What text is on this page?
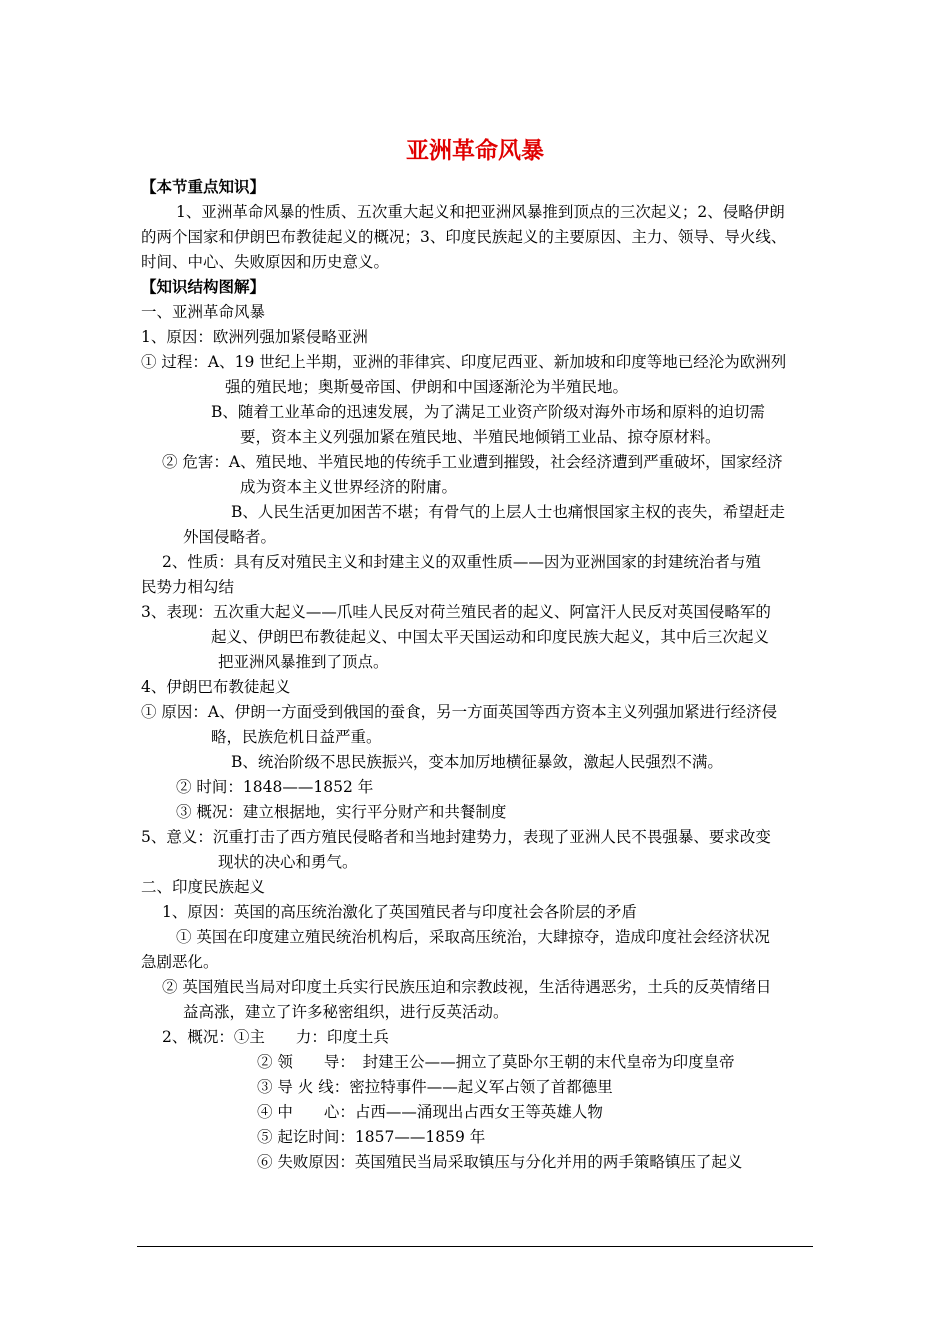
亚洲革命风暴
【本节重点知识】
1、亚洲革命风暴的性质、五次重大起义和把亚洲风暴推到顶点的三次起义；2、侵略伊朗
的两个国家和伊朗巴布教徒起义的概况；3、印度民族起义的主要原因、主力、领导、导火线、
时间、中心、失败原因和历史意义。
【知识结构图解】
一、亚洲革命风暴
1、原因：欧洲列强加紧侵略亚洲
① 过程：A、19 世纪上半期，亚洲的菲律宾、印度尼西亚、新加坡和印度等地已经沦为欧洲列
强的殖民地；奥斯曼帝国、伊朗和中国逐渐沦为半殖民地。
B、随着工业革命的迅速发展，为了满足工业资产阶级对海外市场和原料的迫切需
要，资本主义列强加紧在殖民地、半殖民地倾销工业品、掠夺原材料。
② 危害：A、殖民地、半殖民地的传统手工业遭到摧毁，社会经济遭到严重破坏，国家经济
成为资本主义世界经济的附庸。
B、人民生活更加困苦不堪；有骨气的上层人士也痛恨国家主权的丧失，希望赶走
外国侵略者。
2、性质：具有反对殖民主义和封建主义的双重性质——因为亚洲国家的封建统治者与殖
民势力相勾结
3、表现：五次重大起义——爪哇人民反对荷兰殖民者的起义、阿富汗人民反对英国侵略军的
起义、伊朗巴布教徒起义、中国太平天国运动和印度民族大起义，其中后三次起义
把亚洲风暴推到了顶点。
4、伊朗巴布教徒起义
① 原因：A、伊朗一方面受到俄国的蚕食，另一方面英国等西方资本主义列强加紧进行经济侵
略，民族危机日益严重。
B、统治阶级不思民族振兴，变本加厉地横征暴敛，激起人民强烈不满。
② 时间：1848——1852 年
③ 概况：建立根据地，实行平分财产和共餐制度
5、意义：沉重打击了西方殖民侵略者和当地封建势力，表现了亚洲人民不畏强暴、要求改变
现状的决心和勇气。
二、印度民族起义
1、原因：英国的高压统治激化了英国殖民者与印度社会各阶层的矛盾
① 英国在印度建立殖民统治机构后，采取高压统治，大肆掠夺，造成印度社会经济状况
急剧恶化。
② 英国殖民当局对印度土兵实行民族压迫和宗教歧视，生活待遇恶劣，土兵的反英情绪日
益高涨，建立了许多秘密组织，进行反英活动。
2、概况：①主　　力：印度土兵
② 领　　导：　封建王公——拥立了莫卧尔王朝的末代皇帝为印度皇帝
③ 导 火 线：密拉特事件——起义军占领了首都德里
④ 中　　心：占西——涌现出占西女王等英雄人物
⑤ 起讫时间：1857——1859 年
⑥ 失败原因：英国殖民当局采取镇压与分化并用的两手策略镇压了起义
